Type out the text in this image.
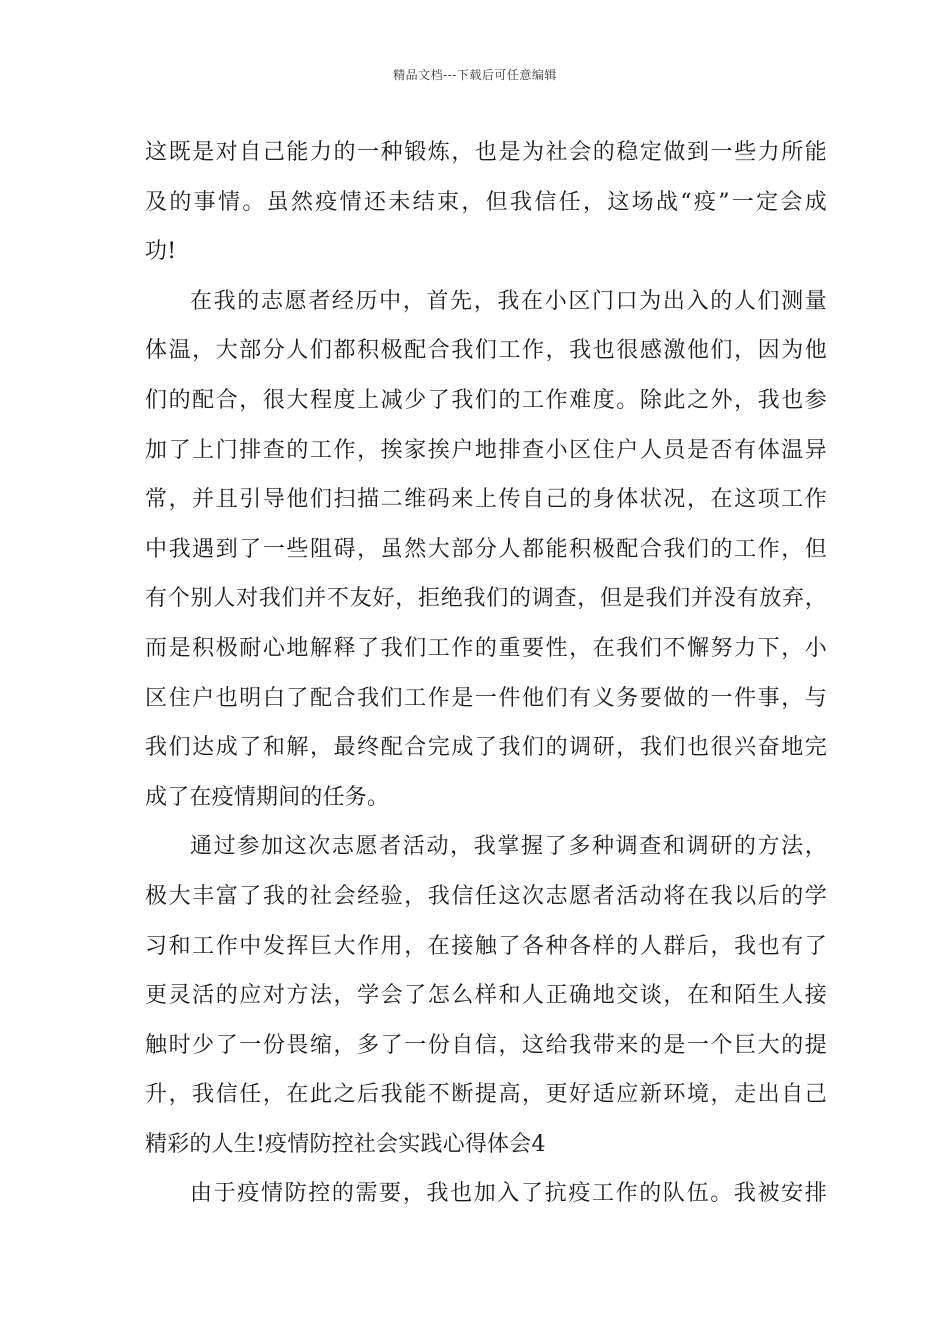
精品文档---下载后可任意编辑
这既是对自己能力的一种锻炼，也是为社会的稳定做到一些力所能
及的事情。虽然疫情还未结束，但我信任，这场战“疫”一定会成
功!
在我的志愿者经历中，首先，我在小区门口为出入的人们测量
体温，大部分人们都积极配合我们工作，我也很感激他们，因为他
们的配合，很大程度上减少了我们的工作难度。除此之外，我也参
加了上门排查的工作，挨家挨户地排查小区住户人员是否有体温异
常，并且引导他们扫描二维码来上传自己的身体状况，在这项工作
中我遇到了一些阻碍，虽然大部分人都能积极配合我们的工作，但
有个别人对我们并不友好，拒绝我们的调查，但是我们并没有放弃，
而是积极耐心地解释了我们工作的重要性，在我们不懈努力下，小
区住户也明白了配合我们工作是一件他们有义务要做的一件事，与
我们达成了和解，最终配合完成了我们的调研，我们也很兴奋地完
成了在疫情期间的任务。
通过参加这次志愿者活动，我掌握了多种调查和调研的方法，
极大丰富了我的社会经验，我信任这次志愿者活动将在我以后的学
习和工作中发挥巨大作用，在接触了各种各样的人群后，我也有了
更灵活的应对方法，学会了怎么样和人正确地交谈，在和陌生人接
触时少了一份畏缩，多了一份自信，这给我带来的是一个巨大的提
升，我信任，在此之后我能不断提高，更好适应新环境，走出自己
精彩的人生!疫情防控社会实践心得体会4
由于疫情防控的需要，我也加入了抗疫工作的队伍。我被安排
